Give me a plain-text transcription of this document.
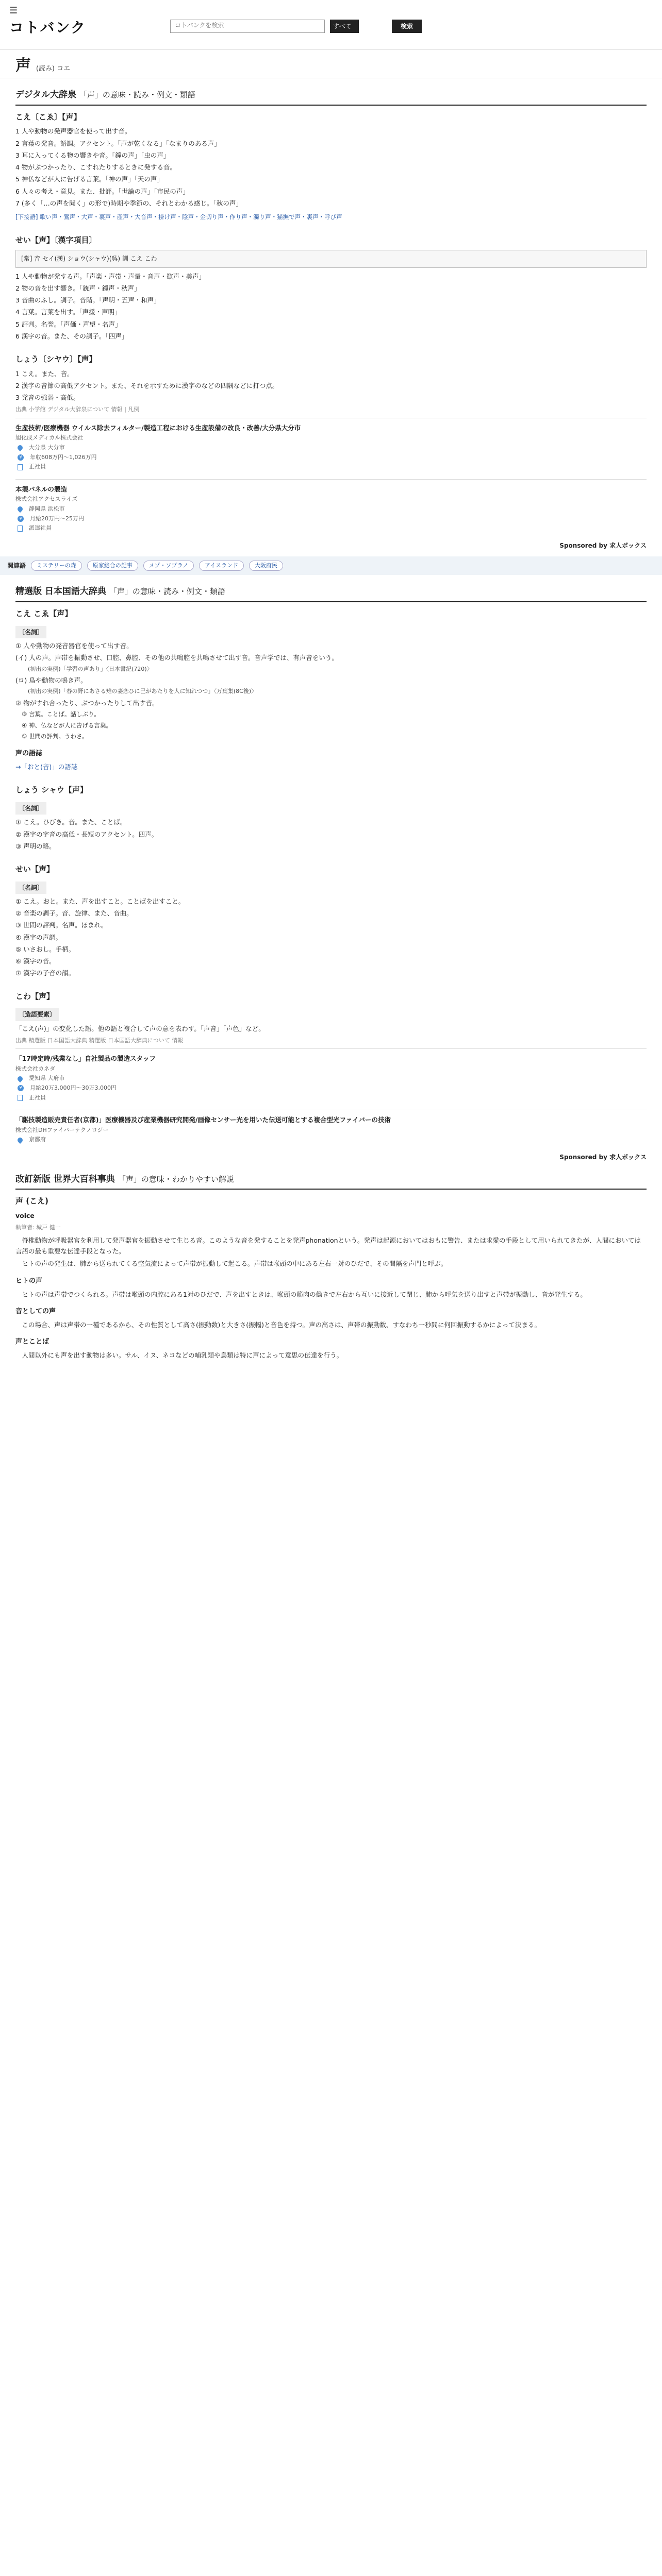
☰
コトバンク	コトバンクを検索	すべて ▾
検索
声 (読み) コエ
デジタル大辞泉 「声」の意味・読み・例文・類語
こえ〔こゑ〕【声】

1 人や動物の発声器官を使って出す音。

2 言葉の発音。語調。アクセント。「声が乾くなる」「なまりのある声」

3 耳に入ってくる物の響きや音。「鐘の声」「虫の声」

4 物がぶつかったり、こすれたりするときに発する音。

5 神仏などが人に告げる言葉。「神の声」「天の声」

6 人々の考え・意見。また、批評。「世論の声」「市民の声」

7 (多く「…の声を聞く」の形で)時期や季節の、それとわかる感じ。「秋の声」

[下接語] 歌い声・鶯声・大声・裏声・産声・大音声・掛け声・陰声・金切り声・作り声・濁り声・猫撫で声・裏声・呼び声

せい【声】〔漢字項目〕
[常] 音 セイ(漢) ショウ(シャウ)(呉) 訓 こえ こわ

1 人や動物が発する声。「声楽・声帯・声量・音声・歓声・美声」

2 物の音を出す響き。「銃声・鐘声・秋声」

3 音曲のふし。調子。音階。「声明・五声・和声」

4 言葉。言葉を出す。「声援・声明」

5 評判。名誉。「声価・声望・名声」

6 漢字の音。また、その調子。「四声」

しょう〔シヤウ〕【声】

1 こえ。また、音。

2 漢字の音節の高低アクセント。また、それを示すために漢字のなどの四隅などに打つ点。

3 発音の強弱・高低。

出典 小学館 デジタル大辞泉について 情報 | 凡例

生産技術/医療機器 ウイルス除去フィルター/製造工程における生産設備の改良・改善/大分県大分市
旭化成メディカル株式会社
大分県 大分市
¥	年収608万円〜1,026万円
正社員
本製パネルの製造
株式会社アクセスライズ
静岡県 浜松市
¥	月給20万円〜25万円
派遣社員
Sponsored by 求人ボックス
関連語	ミステリーの森	原家総合の記事	メゾ・ソプラノ	アイスランド	大阪府民
精選版 日本国語大辞典 「声」の意味・読み・例文・類語
こえ こゑ【声】
〔名詞〕

① 人や動物の発音器官を使って出す音。

(イ) 人の声。声帯を振動させ、口腔、鼻腔、その他の共鳴腔を共鳴させて出す音。音声学では、有声音をいう。

(初出の実例)「学習の声あり」〈日本書紀(720)〉

(ロ) 鳥や動物の鳴き声。

(初出の実例)「春の野にあさる雉の妻恋ひに己があたりを人に知れつつ」〈万葉集(8C後)〉

② 物がすれ合ったり、ぶつかったりして出す音。

③ 言葉。ことば。話しぶり。

④ 神、仏などが人に告げる言葉。

⑤ 世間の評判。うわさ。

声の語誌

→「おと(音)」の語誌

しょう シャウ【声】
〔名詞〕

① こえ。ひびき。音。また、ことば。

② 漢字の字音の高低・長短のアクセント。四声。

③ 声明の略。

せい【声】
〔名詞〕

① こえ。おと。また、声を出すこと。ことばを出すこと。

② 音楽の調子。音、旋律、また、音曲。

③ 世間の評判。名声。ほまれ。

④ 漢字の声調。

⑤ いさおし。手柄。

⑥ 漢字の音。

⑦ 漢字の子音の韻。

こわ【声】
〔造語要素〕

「こえ(声)」の変化した語。他の語と複合して声の意を表わす。「声音」「声色」など。

出典 精選版 日本国語大辞典 精選版 日本国語大辞典について 情報

「17時定時/残業なし」自社製品の製造スタッフ
株式会社カネダ
愛知県 大府市
¥	月給20万3,000円〜30万3,000円
正社員
「駆技製造販売責任者(京都)」医療機器及び産業機器研究開発/画像センサー光を用いた伝送可能とする複合型光ファイバーの技術
株式会社DHファイバーテクノロジー
京都府
Sponsored by 求人ボックス
改訂新版 世界大百科事典 「声」の意味・わかりやすい解説
声 (こえ)

voice

執筆者: 城戸 健一

脊椎動物が呼吸器官を利用して発声器官を振動させて生じる音。このような音を発することを発声phonationという。発声は起源においてはおもに警告、または求愛の手段として用いられてきたが、人間においては言語の最も重要な伝達手段となった。

ヒトの声の発生は、肺から送られてくる空気流によって声帯が振動して起こる。声帯は喉頭の中にある左右一対のひだで、その間隔を声門と呼ぶ。

ヒトの声

ヒトの声は声帯でつくられる。声帯は喉頭の内腔にある1対のひだで、声を出すときは、喉頭の筋肉の働きで左右から互いに接近して閉じ、肺から呼気を送り出すと声帯が振動し、音が発生する。

音としての声

この場合、声は声帯の一種であるから、その性質として高さ(振動数)と大きさ(振幅)と音色を持つ。声の高さは、声帯の振動数、すなわち一秒間に何回振動するかによって決まる。

声とことば

人間以外にも声を出す動物は多い。サル、イヌ、ネコなどの哺乳類や鳥類は特に声によって意思の伝達を行う。
